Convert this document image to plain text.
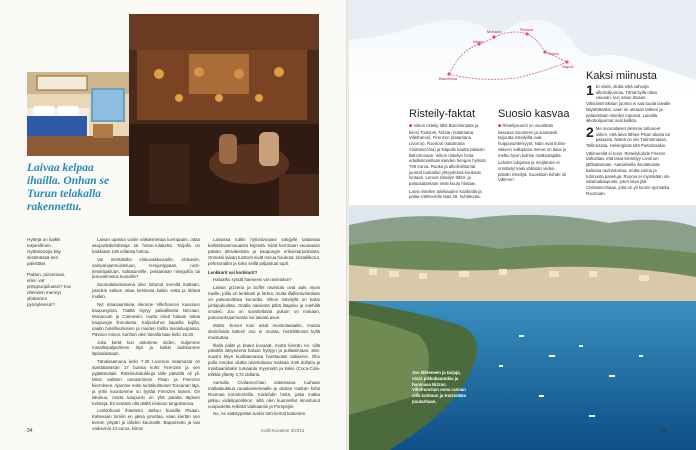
Laivaa kelpaa ihailla. Onhan se Turun telakalla rakennettu.

Hyttejä on kaikki tarpeellinen. Hyttisiivoojia käy siistimässä sen päivittäin.

Paksin, pizzerioan, elos- vat pimppuripiluasin? Kai olteriden mennyt yllaksinen pyöriyksesin?

Laivan upassa voisin valkaisnettaa luempaani, ottaa akupunktkohdistaja tai hoton-rulaketta. Tarjolla on kaikkiaan 108 erilaista hoitoa.

Vai mentäisikö elokuvakkuvuelle, elokuviin, sampanjaemuisteluun, ressjumppaan, rock-tietokilpailuun, salsatunnille, pelaamaan minigolfia tai koruvalmistus kurssille?

Suomalaisimaisena olen tottunut merellä mattaan, jotenkin kaiken ottaa keittiosta kaikin vettä ja lähteä mulkin.

Nyt maasaantaina olemme Villefrancen kuusinen kaupungissa. Täältä löytyy paikalliselta Nizzaan, Monacoon ja Cannesiin, mutta minä haluan tutkia kaupungin linnoitusta. Kaljoskohra kapeilla kujilla, saatin hotellisuhosien ja muiden torilla lavoteluopassa. Pävöon minun, kunhan olen laivalla taas kello 16.30.

Joka kertä kun astumme niiden, kuljemme metallinpaljastimen läpi ja kaikki laukkumme läpivalaistaan.

Tänäisaamuna kello 7.30 Livornon satamasta on startattavasan 17 bussia kohti Firenzeä ja sen pyjäätöväaki. Retkiinuhalukkuja tälle päivällä oli yli. Minä valitsen omatoiminen Pisan ja Firenzen kierroksen. Ajamme reitin turistikohteiset Toscanan läpi, ja yritin kuuntomme su fyytää Firenzen tamen. On lakukuu, mutta kaupunki on yhä palatta täyteen turisteja. En kestäisi olla täällä elokuun tungoksessa.

Lenkkihousi ihitettetni Jatkuu bussilla Pisaan. Kaltevaan torniin en jaksa jonottaa, vaan kiertän sen kerran ympäri ja lähden kaumalle. Baparisetto ja lasi vaikovinis 24 euroa, kiitos!

Laivassa tutkin hyttisiivoojani sängylle laittamaa kaihdeksanmuuaista kirjeistä. Siinä kerrotaan seuraavan päivän aktiviteetista ja kaupungin erikoistarjouksista. Onneksi laivan tuottorit eivät minua houkuta: kristallikorut, pehmonallet ja koko seillä paljastuat tuplt.

Lenkkarit vai korkkarit?

Haluatko syödä haeseesi vai ravintolan?

Laivan pizzeria ja buffet ravintola ovat auki myös meille, joilla on lenkkarit ja farkut, mutta illallisravintolaan on pukeutuittava kunnolla. Viikon risteilyllä on kaksi juhlapukuiltaa. Onalla naisiesta pitkä iltapuku ja miehillä smokki. Joo on suositeltavat pukuin on mukaan, pukuvuokraamoasta voi lainata asun.

Mutta. Ennen kuin astat ravintolasaaliin, muista desinfioida kätesi! Joo ei muista, henkilökunta kyllä muistuttaa.

Illalla pidät ja baarit kovaaat, mutta kierrän ne, sillä päivällä väsyneenä haluan hyttyyn ja pullasiimaan. Siiä-suusnt käyn kuoltaamassa hoettavasti Italiaensi. Oho pullo Amokoi oluttia ravintolassa maksaa 3,86 dollaria ja minibaaristakin tumaanla myymaitö ja kokis (Coca-Cola-tölkkiä ylitetty 4,72 dollaria.

Aamulla Civitavecchian satamassa ruuhaan matkalaukkua rautalaiseemaalle ja aloitan matkan kohti Roomaa kortokortsilla. Kadehdin heitä, jotka matka jatkuu viidelipporikkon, sillä olen kuunnellut innostunut vuopuolelta retkistä Vatikaaniin ja Pompejiin.

No, ne säästyyvätet tuskin tuttt kertoit kaitunest.

94	Koilli-Kuvaleni 3/2013
Nizza
Monaco
Roma
Firenze
Napoli
Barcelona
Risteily-faktat

■ Viikon risteily lähti Barcelonasta ja kiersi Toulonin, Nizzan (satamana Villefrance), Firenzen (satamana Livorno), Rooman (satamana Civitavecchia) ja Napolin kautta takaisin Barcelonaan. Viikon risteilyn hinta eduillisimmillaan kanden hengen hytissä 709 euroa. Ruoka ja alkoholittomat juomat ruokailun yhteydessä kuuluvat hintaan. Lennot risteilyn lähtö- ja paluusatamaan eivät kuulu hintaan.

Laiva risteilee talvikauden Karibialla ja palaa Välimerelle taas 28. huhtikuuta.

Suosio kasvaa

■ Risteilysuomi on vuosittain kasvava Suomeen ja suuntaviti tarjoutta risteilyillä ovat huippusuhteisyyöt. Näin ovat kolme väkeen valkaansa menet on laiva jo melko hyvin kolmin matkustajalla.

Lehden lukijoista ja meijämies ei onnittelyt kaiki välimiän viiden päivän risteilyä. Suosittuin kohde oli Välimeri.

Kaksi miinusta

1 Ei viiniä, olutta eikä vahvoja alkoholijuomia. Tämä kyllä ottaa vaivaan, kun salun lävaan. Välisaiminskisan juomia ei saa tuoda laivalle käytettäväksi, vaan ne otetaan talteen ja palautetaan risteilyn lopussa. Laivalla alkoholijuomat ovat kalliita.

2 Me suomalaiset olemme tottuneet siihen, että laiva lähtee Pisan alusta tai paluusta. Nämä on siis Tukholmassa, Tallinnassa, Helsingissä eltä Pietarissakin.

Välimerellä ei tosin. Risteilykohde Firenze tarkoittaa, että laiva kiinnittyy Livornon jättisatamaan. Aamiaisella ilmoitetuista kaikissa ravintoloissa, mutta voima ja tuhmusta pasetuja. Rooma ei myöskään ole satamakaupunki, joten laiva jää Civitavecchiaan, joka on yli tunnin ajomatka Roomaan.

Joo lähteneen ja tarjaja, nizzà pikkukauunkia ja huomaaa Nizzan. Villefranchan onna rannan villa kohtuun ja Kotzistään puutarhaan.
95
